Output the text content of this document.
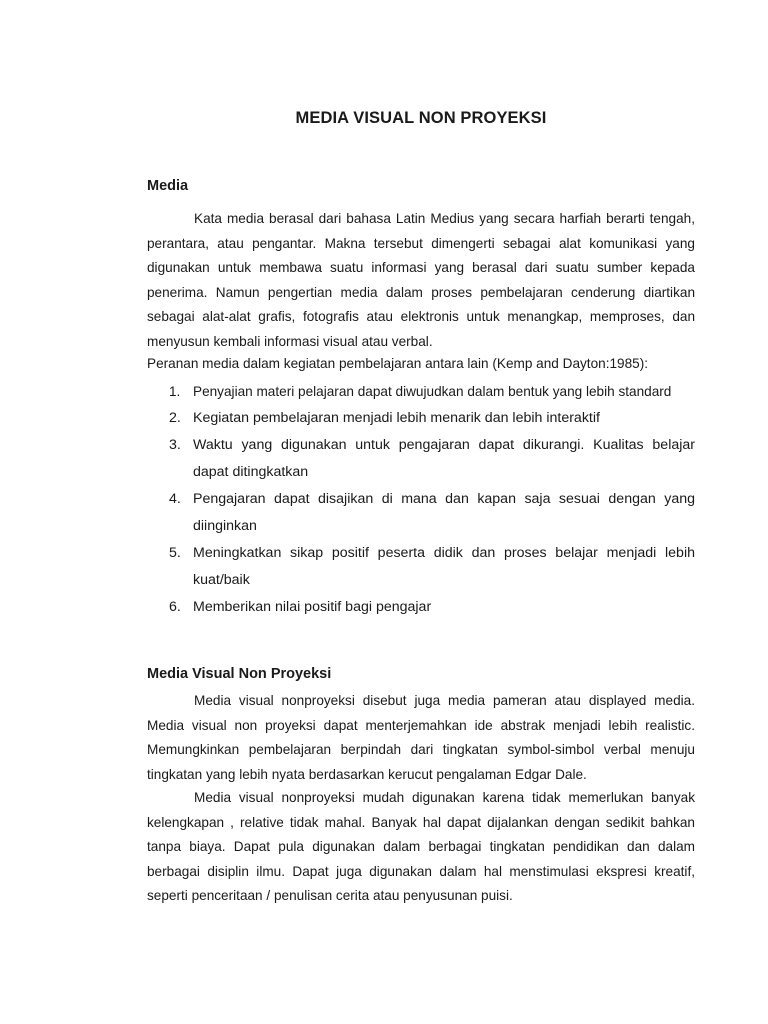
MEDIA VISUAL NON PROYEKSI
Media

Kata media berasal dari bahasa Latin Medius yang secara harfiah berarti tengah, perantara, atau pengantar. Makna tersebut dimengerti sebagai alat komunikasi yang digunakan untuk membawa suatu informasi yang berasal dari suatu sumber kepada penerima. Namun pengertian media dalam proses pembelajaran cenderung diartikan sebagai alat-alat grafis, fotografis atau elektronis untuk menangkap, memproses, dan menyusun kembali informasi visual atau verbal.

Peranan media dalam kegiatan pembelajaran antara lain (Kemp and Dayton:1985):

1. Penyajian materi pelajaran dapat diwujudkan dalam bentuk yang lebih standard
2. Kegiatan pembelajaran menjadi lebih menarik dan lebih interaktif
3. Waktu yang digunakan untuk pengajaran dapat dikurangi. Kualitas belajar dapat ditingkatkan
4. Pengajaran dapat disajikan di mana dan kapan saja sesuai dengan yang diinginkan
5. Meningkatkan sikap positif peserta didik dan proses belajar menjadi lebih kuat/baik
6. Memberikan nilai positif bagi pengajar
Media Visual Non Proyeksi

Media visual nonproyeksi disebut juga media pameran atau displayed media. Media visual non proyeksi dapat menterjemahkan ide abstrak menjadi lebih realistic. Memungkinkan pembelajaran berpindah dari tingkatan symbol-simbol verbal menuju tingkatan yang lebih nyata berdasarkan kerucut pengalaman Edgar Dale.

Media visual nonproyeksi mudah digunakan karena tidak memerlukan banyak kelengkapan , relative tidak mahal. Banyak hal dapat dijalankan dengan sedikit bahkan tanpa biaya. Dapat pula digunakan dalam berbagai tingkatan pendidikan dan dalam berbagai disiplin ilmu. Dapat juga digunakan dalam hal menstimulasi ekspresi kreatif, seperti penceritaan / penulisan cerita atau penyusunan puisi.
